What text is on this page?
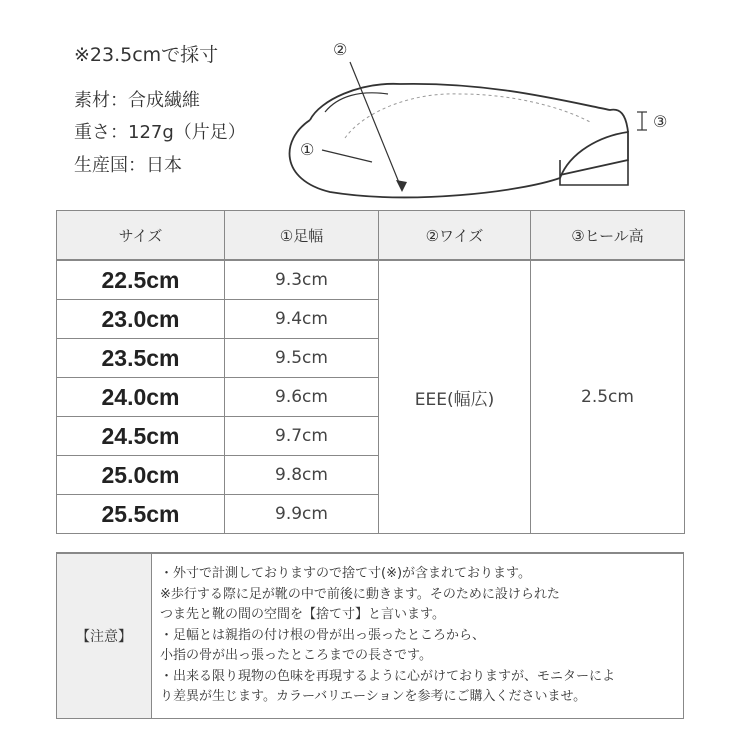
※23.5cmで採寸
素材：合成繊維
重さ：127g（片足）
生産国：日本
②
①
③
サイズ	①足幅	②ワイズ	③ヒール高
22.5cm	9.3cm	EEE(幅広)	2.5cm
23.0cm	9.4cm		
23.5cm	9.5cm		
24.0cm	9.6cm		
24.5cm	9.7cm		
25.0cm	9.8cm		
25.5cm	9.9cm		
【注意】	
・外寸で計測しておりますので捨て寸(※)が含まれております。
※歩行する際に足が靴の中で前後に動きます。そのために設けられた
つま先と靴の間の空間を【捨て寸】と言います。
・足幅とは親指の付け根の骨が出っ張ったところから、
小指の骨が出っ張ったところまでの長さです。
・出来る限り現物の色味を再現するように心がけておりますが、モニターによ
り差異が生じます。カラーバリエーションを参考にご購入くださいませ。
